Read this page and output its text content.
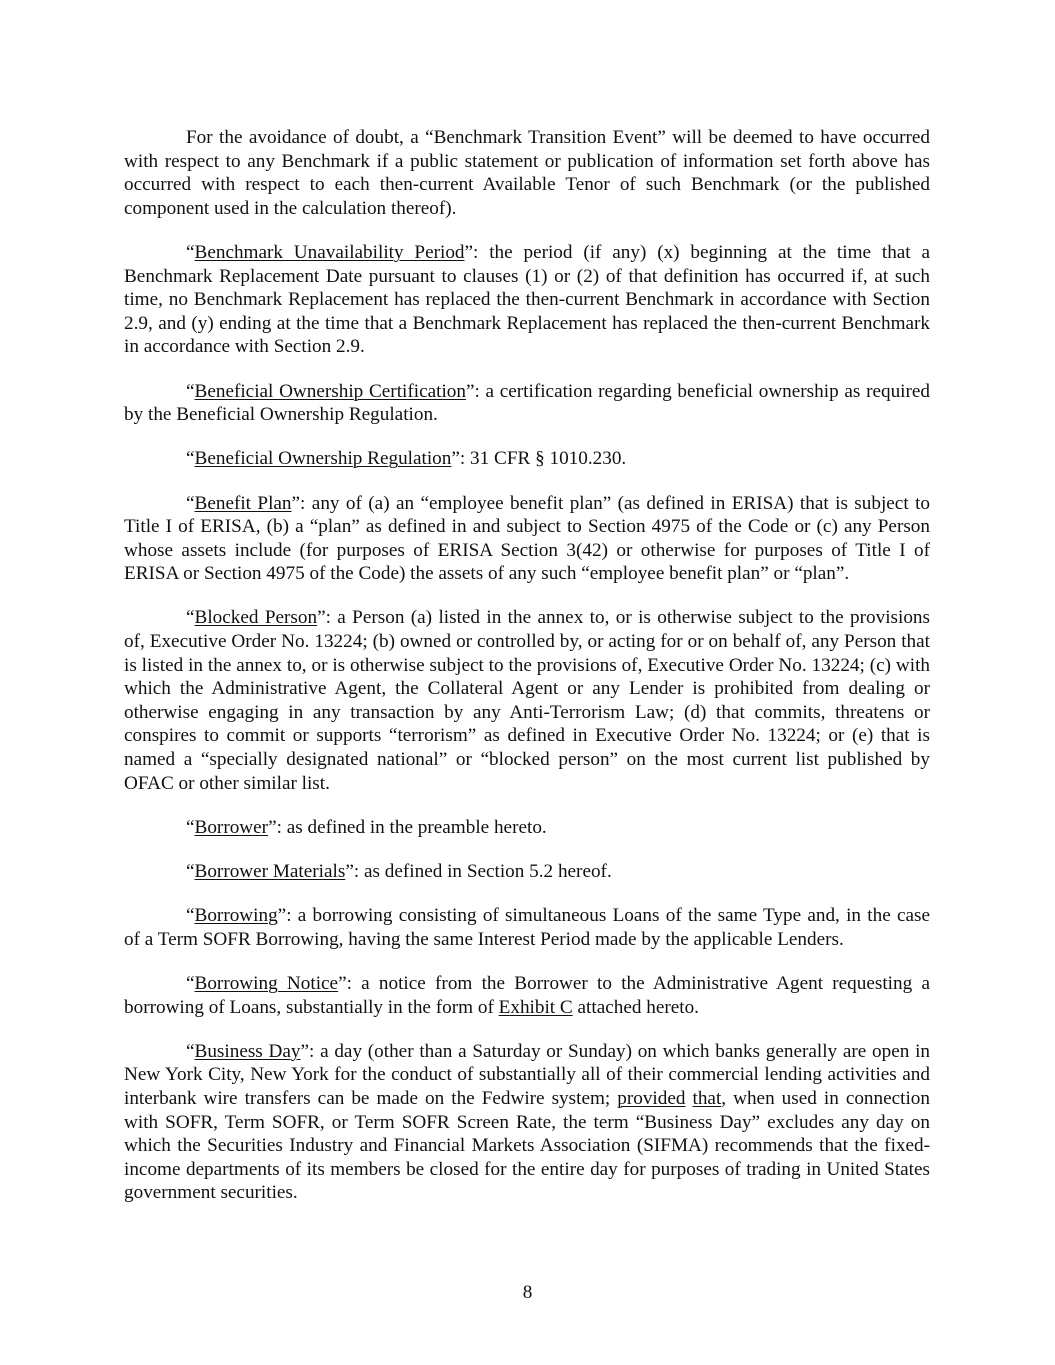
For the avoidance of doubt, a “Benchmark Transition Event” will be deemed to have occurred with respect to any Benchmark if a public statement or publication of information set forth above has occurred with respect to each then-current Available Tenor of such Benchmark (or the published component used in the calculation thereof).

“Benchmark Unavailability Period”: the period (if any) (x) beginning at the time that a Benchmark Replacement Date pursuant to clauses (1) or (2) of that definition has occurred if, at such time, no Benchmark Replacement has replaced the then-current Benchmark in accordance with Section 2.9, and (y) ending at the time that a Benchmark Replacement has replaced the then-current Benchmark in accordance with Section 2.9.

“Beneficial Ownership Certification”: a certification regarding beneficial ownership as required by the Beneficial Ownership Regulation.

“Beneficial Ownership Regulation”: 31 CFR § 1010.230.

“Benefit Plan”: any of (a) an “employee benefit plan” (as defined in ERISA) that is subject to Title I of ERISA, (b) a “plan” as defined in and subject to Section 4975 of the Code or (c) any Person whose assets include (for purposes of ERISA Section 3(42) or otherwise for purposes of Title I of ERISA or Section 4975 of the Code) the assets of any such “employee benefit plan” or “plan”.

“Blocked Person”: a Person (a) listed in the annex to, or is otherwise subject to the provisions of, Executive Order No. 13224; (b) owned or controlled by, or acting for or on behalf of, any Person that is listed in the annex to, or is otherwise subject to the provisions of, Executive Order No. 13224; (c) with which the Administrative Agent, the Collateral Agent or any Lender is prohibited from dealing or otherwise engaging in any transaction by any Anti-Terrorism Law; (d) that commits, threatens or conspires to commit or supports “terrorism” as defined in Executive Order No. 13224; or (e) that is named a “specially designated national” or “blocked person” on the most current list published by OFAC or other similar list.

“Borrower”: as defined in the preamble hereto.

“Borrower Materials”: as defined in Section 5.2 hereof.

“Borrowing”: a borrowing consisting of simultaneous Loans of the same Type and, in the case of a Term SOFR Borrowing, having the same Interest Period made by the applicable Lenders.

“Borrowing Notice”: a notice from the Borrower to the Administrative Agent requesting a borrowing of Loans, substantially in the form of Exhibit C attached hereto.

“Business Day”: a day (other than a Saturday or Sunday) on which banks generally are open in New York City, New York for the conduct of substantially all of their commercial lending activities and interbank wire transfers can be made on the Fedwire system; provided that, when used in connection with SOFR, Term SOFR, or Term SOFR Screen Rate, the term “Business Day” excludes any day on which the Securities Industry and Financial Markets Association (SIFMA) recommends that the fixed-income departments of its members be closed for the entire day for purposes of trading in United States government securities.

8
